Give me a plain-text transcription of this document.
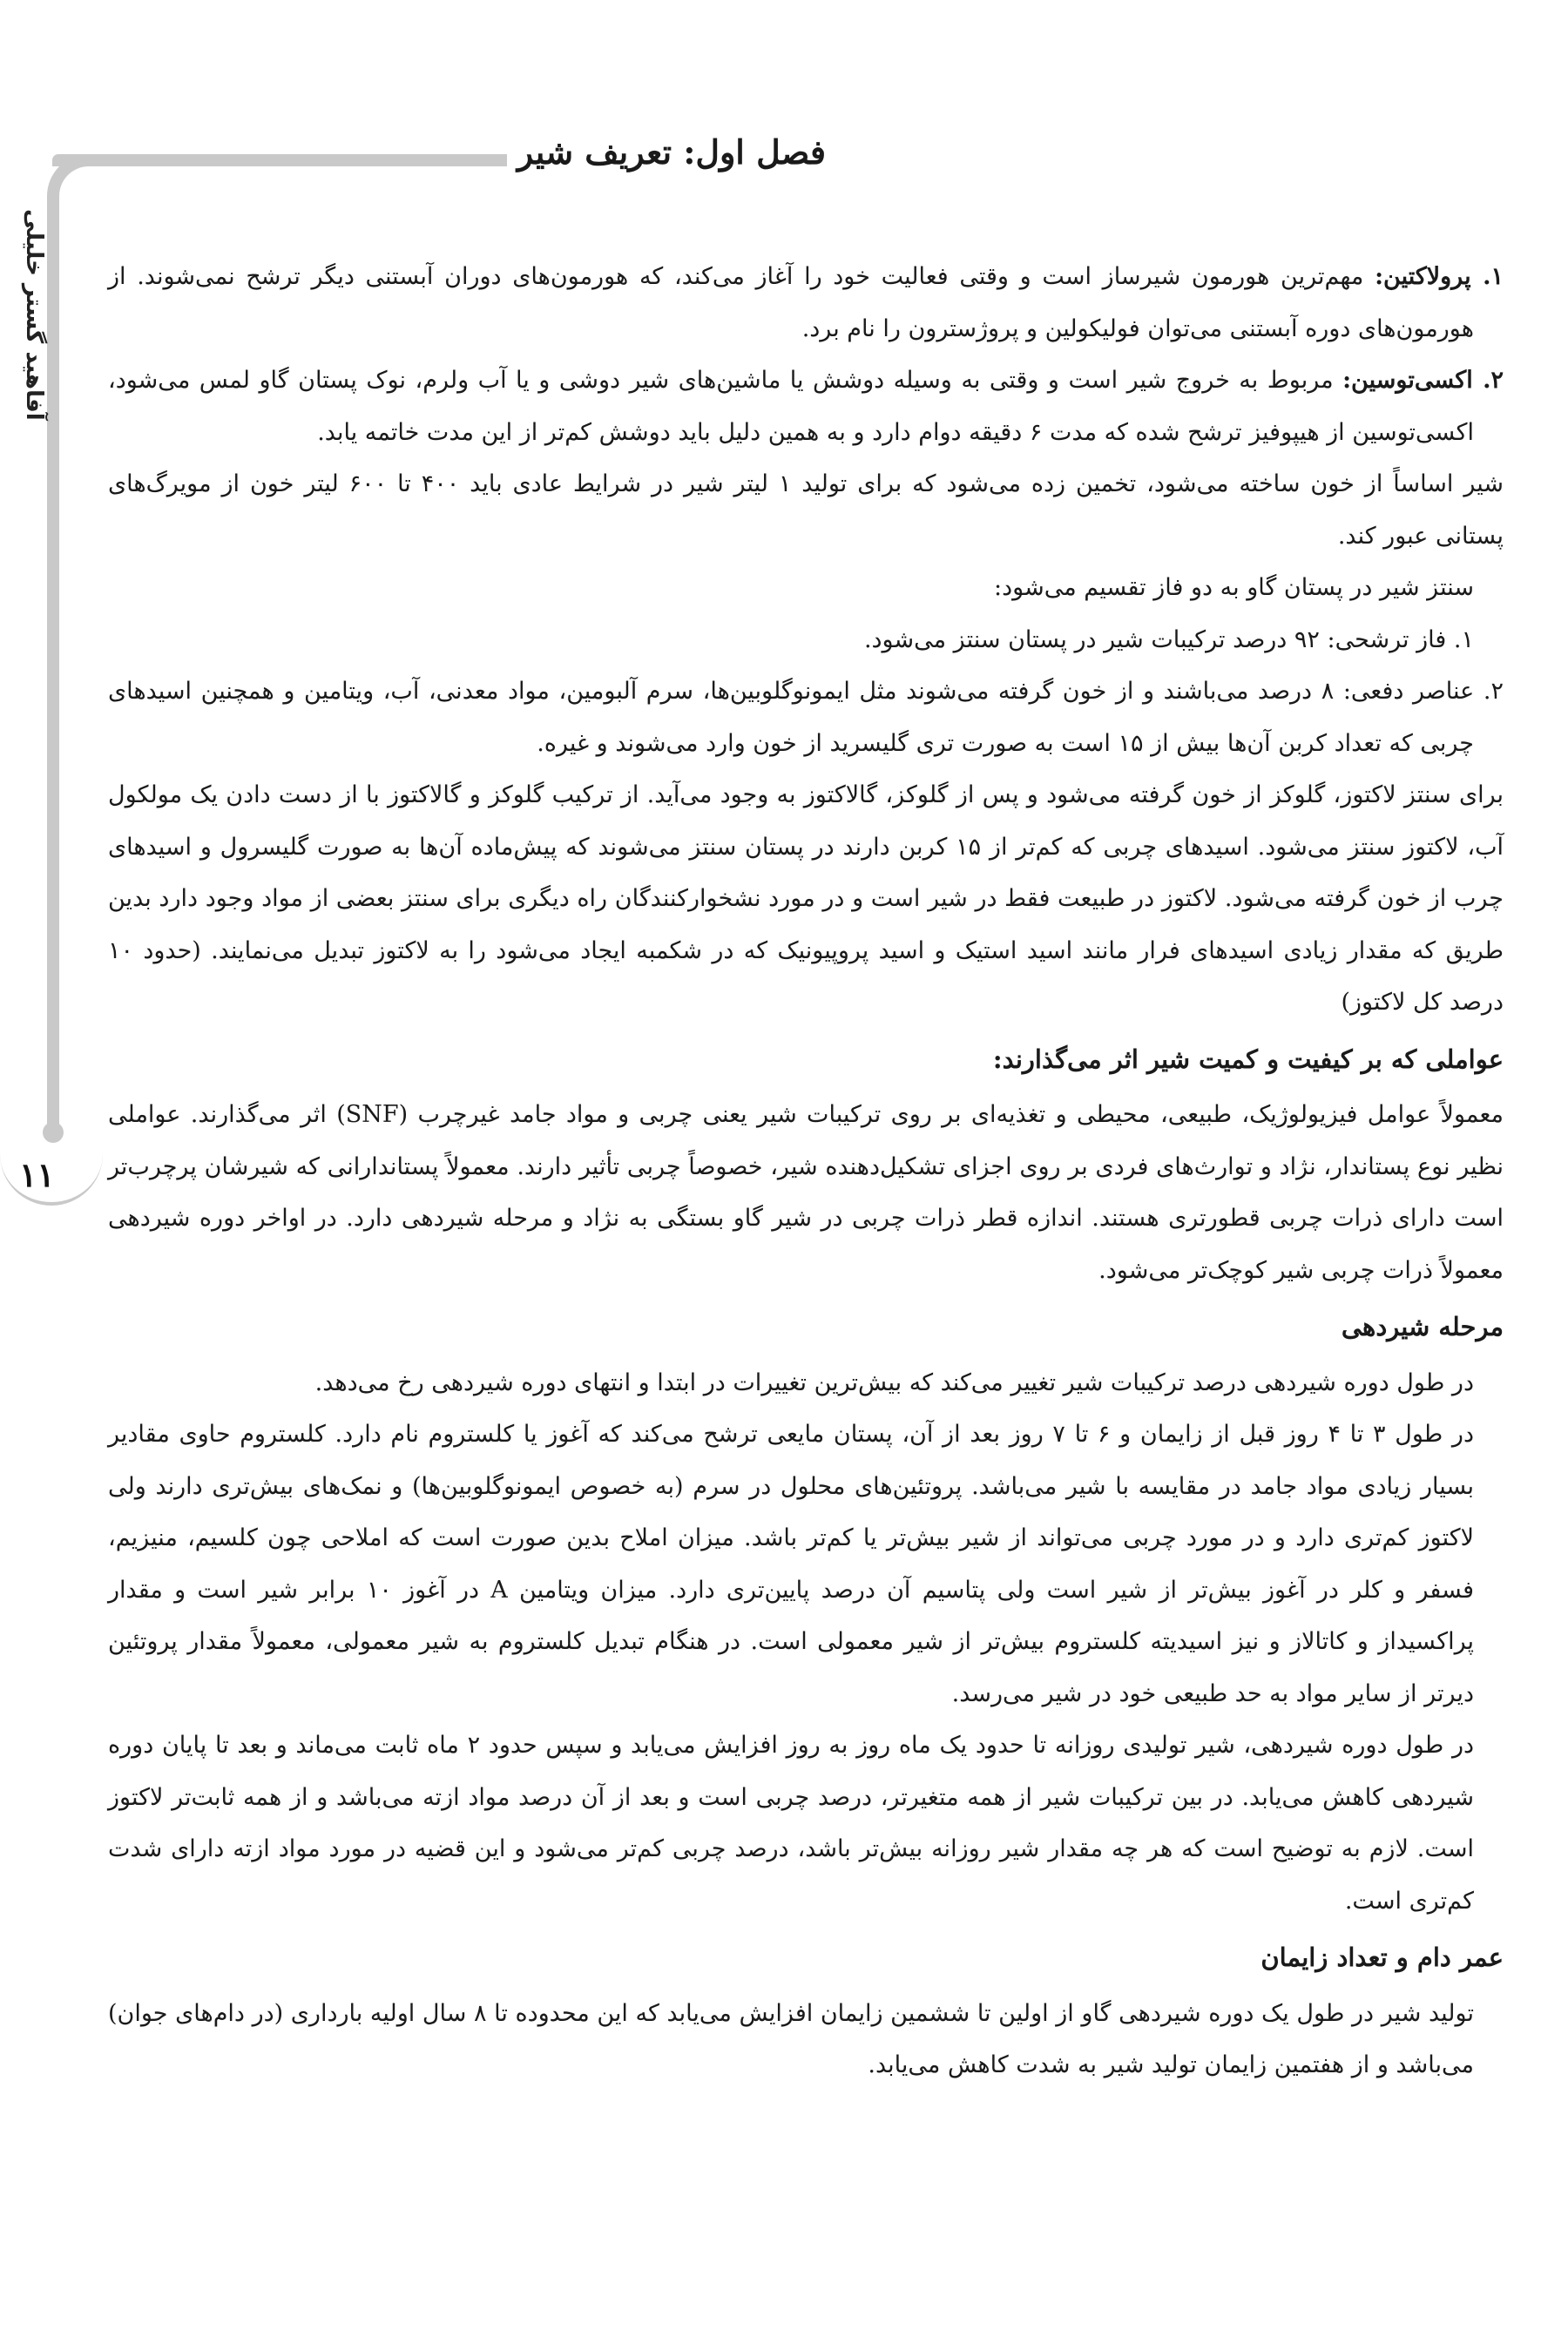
۱۱
آفاهید گستر خلیلی
فصل اول: تعریف شیر

۱. پرولاکتین: مهم‌ترین هورمون شیرساز است و وقتی فعالیت خود را آغاز می‌کند، که هورمون‌های دوران آبستنی دیگر ترشح نمی‌شوند. از هورمون‌های دوره آبستنی می‌توان فولیکولین و پروژسترون را نام برد.

۲. اکسی‌توسین: مربوط به خروج شیر است و وقتی به وسیله دوشش یا ماشین‌های شیر دوشی و یا آب ولرم، نوک پستان گاو لمس می‌شود، اکسی‌توسین از هیپوفیز ترشح شده که مدت ۶ دقیقه دوام دارد و به همین دلیل باید دوشش کم‌تر از این مدت خاتمه یابد.

شیر اساساً از خون ساخته می‌شود، تخمین زده می‌شود که برای تولید ۱ لیتر شیر در شرایط عادی باید ۴۰۰ تا ۶۰۰ لیتر خون از مویرگ‌های پستانی عبور کند.

سنتز شیر در پستان گاو به دو فاز تقسیم می‌شود:

۱. فاز ترشحی: ۹۲ درصد ترکیبات شیر در پستان سنتز می‌شود.

۲. عناصر دفعی: ۸ درصد می‌باشند و از خون گرفته می‌شوند مثل ایمونوگلوبین‌ها، سرم آلبومین، مواد معدنی، آب، ویتامین و همچنین اسیدهای چربی که تعداد کربن آن‌ها بیش از ۱۵ است به صورت تری گلیسرید از خون وارد می‌شوند و غیره.

برای سنتز لاکتوز، گلوکز از خون گرفته می‌شود و پس از گلوکز، گالاکتوز به وجود می‌آید. از ترکیب گلوکز و گالاکتوز با از دست دادن یک مولکول آب، لاکتوز سنتز می‌شود. اسیدهای چربی که کم‌تر از ۱۵ کربن دارند در پستان سنتز می‌شوند که پیش‌ماده آن‌ها به صورت گلیسرول و اسیدهای چرب از خون گرفته می‌شود. لاکتوز در طبیعت فقط در شیر است و در مورد نشخوارکنندگان راه دیگری برای سنتز بعضی از مواد وجود دارد بدین طریق که مقدار زیادی اسیدهای فرار مانند اسید استیک و اسید پروپیونیک که در شکمبه ایجاد می‌شود را به لاکتوز تبدیل می‌نمایند. (حدود ۱۰ درصد کل لاکتوز)

عواملی که بر کیفیت و کمیت شیر اثر می‌گذارند:

معمولاً عوامل فیزیولوژیک، طبیعی، محیطی و تغذیه‌ای بر روی ترکیبات شیر یعنی چربی و مواد جامد غیرچرب (SNF) اثر می‌گذارند. عواملی نظیر نوع پستاندار، نژاد و توارث‌های فردی بر روی اجزای تشکیل‌دهنده شیر، خصوصاً چربی تأثیر دارند. معمولاً پستاندارانی که شیرشان پرچرب‌تر است دارای ذرات چربی قطورتری هستند. اندازه قطر ذرات چربی در شیر گاو بستگی به نژاد و مرحله شیردهی دارد. در اواخر دوره شیردهی معمولاً ذرات چربی شیر کوچک‌تر می‌شود.

مرحله شیردهی

در طول دوره شیردهی درصد ترکیبات شیر تغییر می‌کند که بیش‌ترین تغییرات در ابتدا و انتهای دوره شیردهی رخ می‌دهد.

در طول ۳ تا ۴ روز قبل از زایمان و ۶ تا ۷ روز بعد از آن، پستان مایعی ترشح می‌کند که آغوز یا کلستروم نام دارد. کلستروم حاوی مقادیر بسیار زیادی مواد جامد در مقایسه با شیر می‌باشد. پروتئین‌های محلول در سرم (به خصوص ایمونوگلوبین‌ها) و نمک‌های بیش‌تری دارند ولی لاکتوز کم‌تری دارد و در مورد چربی می‌تواند از شیر بیش‌تر یا کم‌تر باشد. میزان املاح بدین صورت است که املاحی چون کلسیم، منیزیم، فسفر و کلر در آغوز بیش‌تر از شیر است ولی پتاسیم آن درصد پایین‌تری دارد. میزان ویتامین A در آغوز ۱۰ برابر شیر است و مقدار پراکسیداز و کاتالاز و نیز اسیدیته کلستروم بیش‌تر از شیر معمولی است. در هنگام تبدیل کلستروم به شیر معمولی، معمولاً مقدار پروتئین دیرتر از سایر مواد به حد طبیعی خود در شیر می‌رسد.

در طول دوره شیردهی، شیر تولیدی روزانه تا حدود یک ماه روز به روز افزایش می‌یابد و سپس حدود ۲ ماه ثابت می‌ماند و بعد تا پایان دوره شیردهی کاهش می‌یابد. در بین ترکیبات شیر از همه متغیرتر، درصد چربی است و بعد از آن درصد مواد ازته می‌باشد و از همه ثابت‌تر لاکتوز است. لازم به توضیح است که هر چه مقدار شیر روزانه بیش‌تر باشد، درصد چربی کم‌تر می‌شود و این قضیه در مورد مواد ازته دارای شدت کم‌تری است.

عمر دام و تعداد زایمان

تولید شیر در طول یک دوره شیردهی گاو از اولین تا ششمین زایمان افزایش می‌یابد که این محدوده تا ۸ سال اولیه بارداری (در دام‌های جوان) می‌باشد و از هفتمین زایمان تولید شیر به شدت کاهش می‌یابد.
